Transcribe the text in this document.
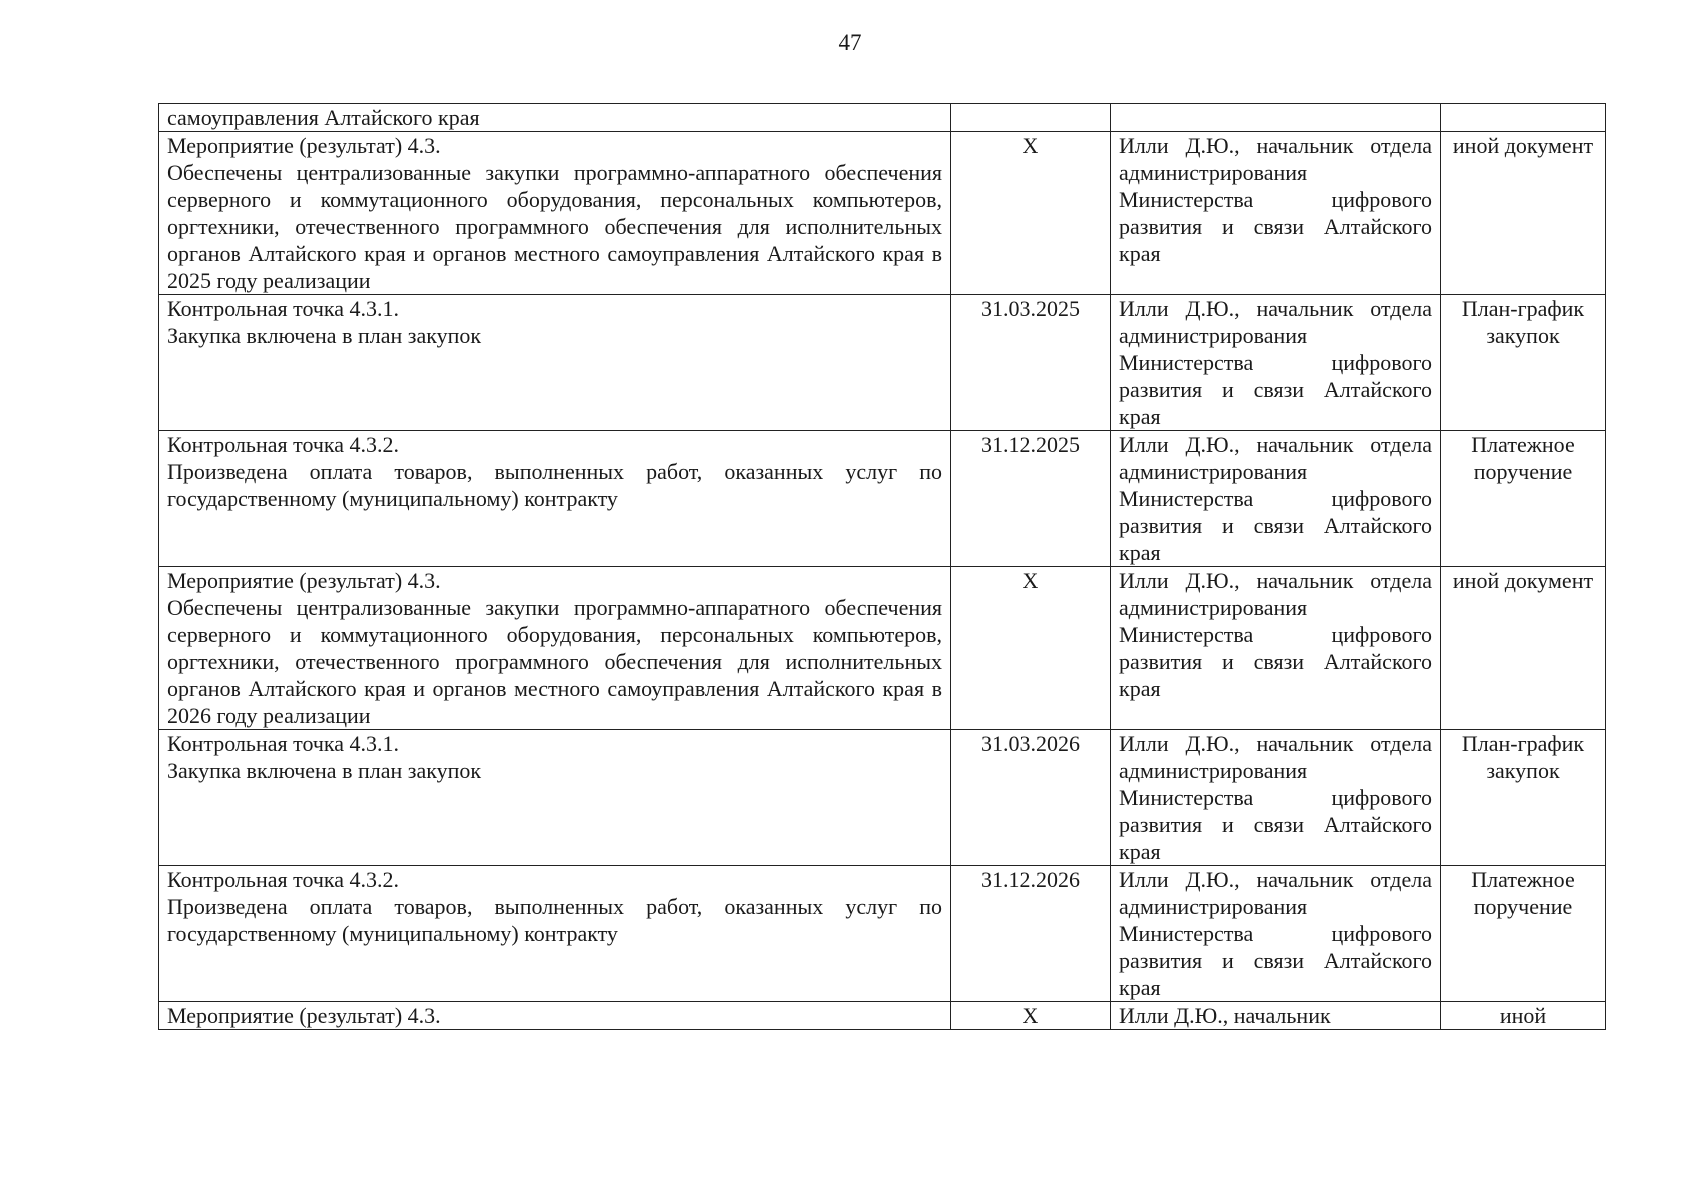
47
самоуправления Алтайского края			

Мероприятие (результат) 4.3.
Обеспечены централизованные закупки программно-аппаратного обеспечения серверного и коммутационного оборудования, персональных компьютеров, оргтехники, отечественного программного обеспечения для исполнительных органов Алтайского края и органов местного самоуправления Алтайского края в 2025 году реализации	X	Илли Д.Ю., начальник отдела администрирования Министерства цифрового развития и связи Алтайского края	иной документ

Контрольная точка 4.3.1.
Закупка включена в план закупок	31.03.2025	Илли Д.Ю., начальник отдела администрирования Министерства цифрового развития и связи Алтайского края	План-график закупок

Контрольная точка 4.3.2.
Произведена оплата товаров, выполненных работ, оказанных услуг по государственному (муниципальному) контракту	31.12.2025	Илли Д.Ю., начальник отдела администрирования Министерства цифрового развития и связи Алтайского края	Платежное поручение

Мероприятие (результат) 4.3.
Обеспечены централизованные закупки программно-аппаратного обеспечения серверного и коммутационного оборудования, персональных компьютеров, оргтехники, отечественного программного обеспечения для исполнительных органов Алтайского края и органов местного самоуправления Алтайского края в 2026 году реализации	X	Илли Д.Ю., начальник отдела администрирования Министерства цифрового развития и связи Алтайского края	иной документ

Контрольная точка 4.3.1.
Закупка включена в план закупок	31.03.2026	Илли Д.Ю., начальник отдела администрирования Министерства цифрового развития и связи Алтайского края	План-график закупок

Контрольная точка 4.3.2.
Произведена оплата товаров, выполненных работ, оказанных услуг по государственному (муниципальному) контракту	31.12.2026	Илли Д.Ю., начальник отдела администрирования Министерства цифрового развития и связи Алтайского края	Платежное поручение

Мероприятие (результат) 4.3.	X	Илли Д.Ю., начальник	иной
